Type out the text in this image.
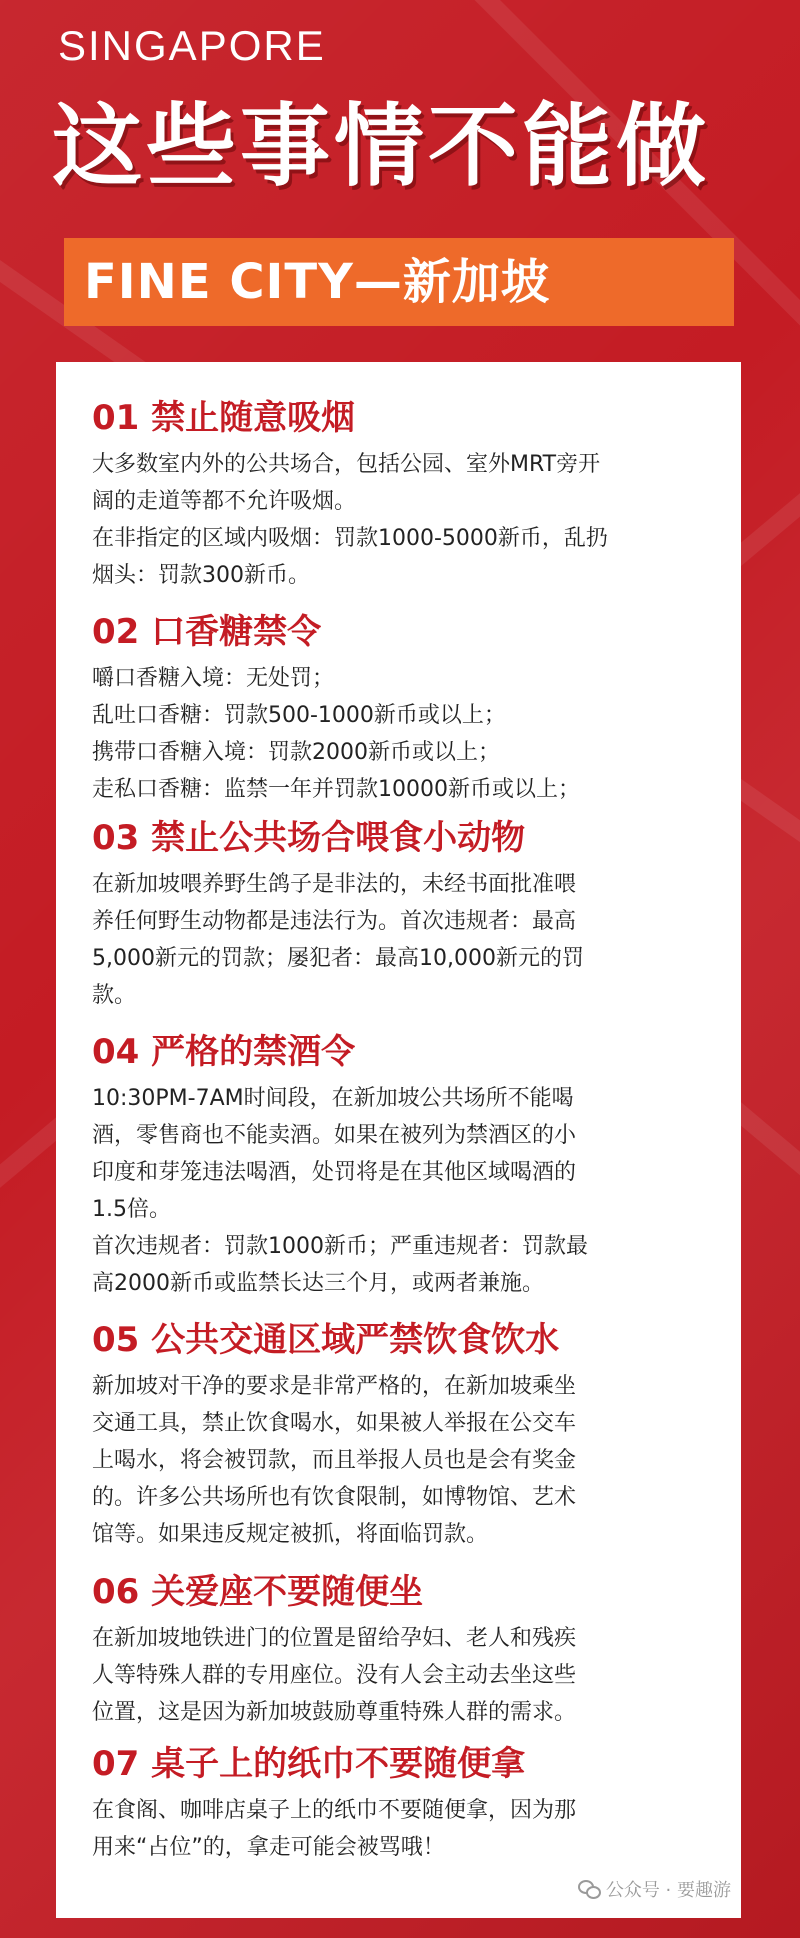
SINGAPORE
这些事情不能做
FINE CITY—新加坡
01 禁止随意吸烟
大多数室内外的公共场合，包括公园、室外MRT旁开
阔的走道等都不允许吸烟。
在非指定的区域内吸烟：罚款1000-5000新币，乱扔
烟头：罚款300新币。
02 口香糖禁令
嚼口香糖入境：无处罚；
乱吐口香糖：罚款500-1000新币或以上；
携带口香糖入境：罚款2000新币或以上；
走私口香糖：监禁一年并罚款10000新币或以上；
03 禁止公共场合喂食小动物
在新加坡喂养野生鸽子是非法的，未经书面批准喂
养任何野生动物都是违法行为。首次违规者：最高
5,000新元的罚款；屡犯者：最高10,000新元的罚
款。
04 严格的禁酒令
10:30PM-7AM时间段，在新加坡公共场所不能喝
酒，零售商也不能卖酒。如果在被列为禁酒区的小
印度和芽笼违法喝酒，处罚将是在其他区域喝酒的
1.5倍。
首次违规者：罚款1000新币；严重违规者：罚款最
高2000新币或监禁长达三个月，或两者兼施。
05 公共交通区域严禁饮食饮水
新加坡对干净的要求是非常严格的，在新加坡乘坐
交通工具，禁止饮食喝水，如果被人举报在公交车
上喝水，将会被罚款，而且举报人员也是会有奖金
的。许多公共场所也有饮食限制，如博物馆、艺术
馆等。如果违反规定被抓，将面临罚款。
06 关爱座不要随便坐
在新加坡地铁进门的位置是留给孕妇、老人和残疾
人等特殊人群的专用座位。没有人会主动去坐这些
位置，这是因为新加坡鼓励尊重特殊人群的需求。
07 桌子上的纸巾不要随便拿
在食阁、咖啡店桌子上的纸巾不要随便拿，因为那
用来“占位”的，拿走可能会被骂哦！
公众号 · 要趣游
